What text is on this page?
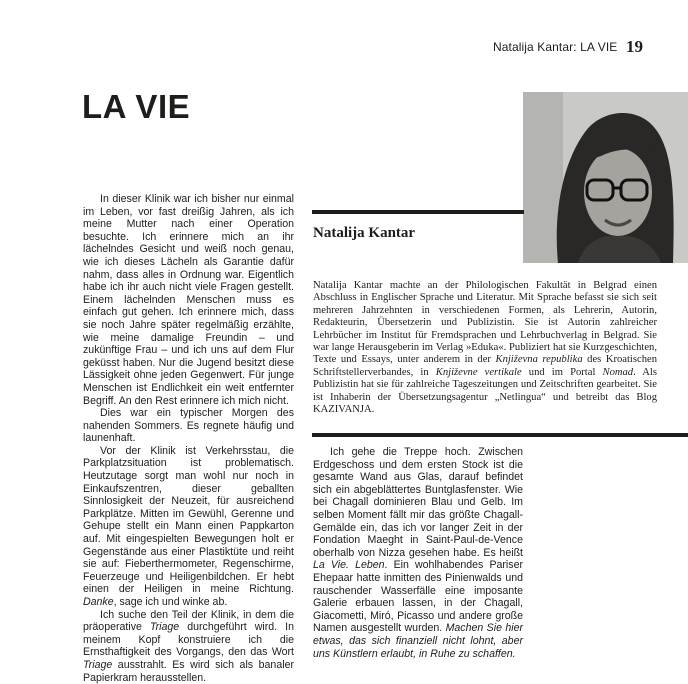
Natalija Kantar: LA VIE 19
LA VIE
Natalija Kantar

Natalija Kantar machte an der Philologischen Fakultät in Belgrad einen Abschluss in Englischer Sprache und Literatur. Mit Sprache befasst sie sich seit mehreren Jahrzehnten in verschiedenen Formen, als Lehrerin, Autorin, Redakteurin, Übersetzerin und Publizistin. Sie ist Autorin zahlreicher Lehrbücher im Institut für Fremdsprachen und Lehrbuchverlag in Belgrad. Sie war lange Herausgeberin im Verlag »Eduka«. Publiziert hat sie Kurzgeschichten, Texte und Essays, unter anderem in der Književna republika des Kroatischen Schriftstellerverbandes, in Književne vertikale und im Portal Nomad. Als Publizistin hat sie für zahlreiche Tageszeitungen und Zeitschriften gearbeitet. Sie ist Inhaberin der Übersetzungsagentur „Netlingua“ und betreibt das Blog KAZIVANJA.

In dieser Klinik war ich bisher nur einmal im Leben, vor fast dreißig Jahren, als ich meine Mutter nach einer Operation besuchte. Ich erinnere mich an ihr lächelndes Gesicht und weiß noch genau, wie ich dieses Lächeln als Garantie dafür nahm, dass alles in Ordnung war. Eigentlich habe ich ihr auch nicht viele Fragen gestellt. Einem lächelnden Menschen muss es einfach gut gehen. Ich erinnere mich, dass sie noch Jahre später regelmäßig erzählte, wie meine damalige Freundin – und zukünftige Frau – und ich uns auf dem Flur geküsst haben. Nur die Jugend besitzt diese Lässigkeit ohne jeden Gegenwert. Für junge Menschen ist Endlichkeit ein weit entfernter Begriff. An den Rest erinnere ich mich nicht.

Dies war ein typischer Morgen des nahenden Sommers. Es regnete häufig und launenhaft.

Vor der Klinik ist Verkehrsstau, die Parkplatzsituation ist problematisch. Heutzutage sorgt man wohl nur noch in Einkaufszentren, dieser geballten Sinnlosigkeit der Neuzeit, für ausreichend Parkplätze. Mitten im Gewühl, Gerenne und Gehupe stellt ein Mann einen Pappkarton auf. Mit eingespielten Bewegungen holt er Gegenstände aus einer Plastiktüte und reiht sie auf: Fieberthermometer, Regenschirme, Feuerzeuge und Heiligenbildchen. Er hebt einen der Heiligen in meine Richtung. Danke, sage ich und winke ab.

Ich suche den Teil der Klinik, in dem die präoperative Triage durchgeführt wird. In meinem Kopf konstruiere ich die Ernsthaftigkeit des Vorgangs, den das Wort Triage ausstrahlt. Es wird sich als banaler Papierkram herausstellen.

Ich gehe die Treppe hoch. Zwischen Erdgeschoss und dem ersten Stock ist die gesamte Wand aus Glas, darauf befindet sich ein abgeblättertes Buntglasfenster. Wie bei Chagall dominieren Blau und Gelb. Im selben Moment fällt mir das größte Chagall-Gemälde ein, das ich vor langer Zeit in der Fondation Maeght in Saint-Paul-de-Vence oberhalb von Nizza gesehen habe. Es heißt La Vie. Leben. Ein wohlhabendes Pariser Ehepaar hatte inmitten des Pinienwalds und rauschender Wasserfälle eine imposante Galerie erbauen lassen, in der Chagall, Giacometti, Miró, Picasso und andere große Namen ausgestellt wurden. Machen Sie hier etwas, das sich finanziell nicht lohnt, aber uns Künstlern erlaubt, in Ruhe zu schaffen.
